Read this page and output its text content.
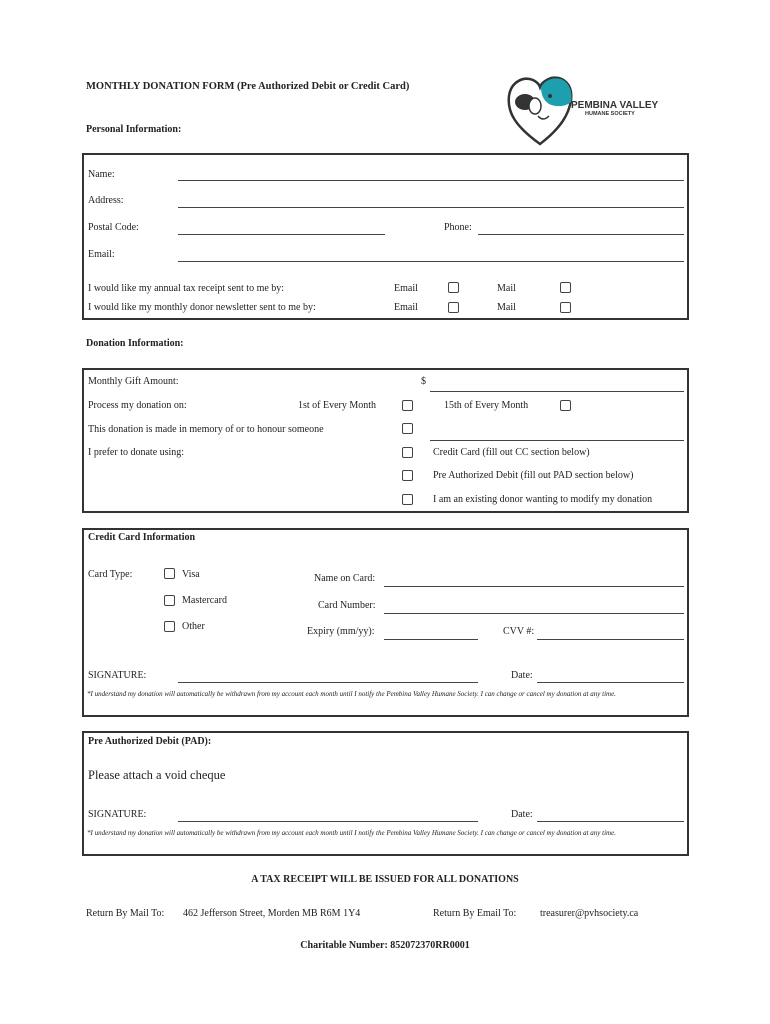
MONTHLY DONATION FORM (Pre Authorized Debit or Credit Card)
PEMBINA VALLEY
HUMANE SOCIETY
Personal Information:
Name:
Address:
Postal Code:	Phone:
Email:
I would like my annual tax receipt sent to me by:	Email	Mail
I would like my monthly donor newsletter sent to me by:	Email	Mail
Donation Information:
Monthly Gift Amount:	$
Process my donation on:	1st of Every Month	15th of Every Month
This donation is made in memory of or to honour someone
I prefer to donate using:	Credit Card (fill out CC section below)
Pre Authorized Debit (fill out PAD section below)
I am an existing donor wanting to modify my donation
Credit Card Information
Card Type:	Visa
Mastercard
Other
Name on Card:
Card Number:
Expiry (mm/yy):	CVV #:
SIGNATURE:	Date:
*I understand my donation will automatically be withdrawn from my account each month until I notify the Pembina Valley Humane Society. I can change or cancel my donation at any time.
Pre Authorized Debit (PAD):
Please attach a void cheque
SIGNATURE:	Date:
*I understand my donation will automatically be withdrawn from my account each month until I notify the Pembina Valley Humane Society. I can change or cancel my donation at any time.
A TAX RECEIPT WILL BE ISSUED FOR ALL DONATIONS
Return By Mail To: 462 Jefferson Street, Morden MB R6M 1Y4	Return By Email To: treasurer@pvhsociety.ca
Charitable Number: 852072370RR0001
